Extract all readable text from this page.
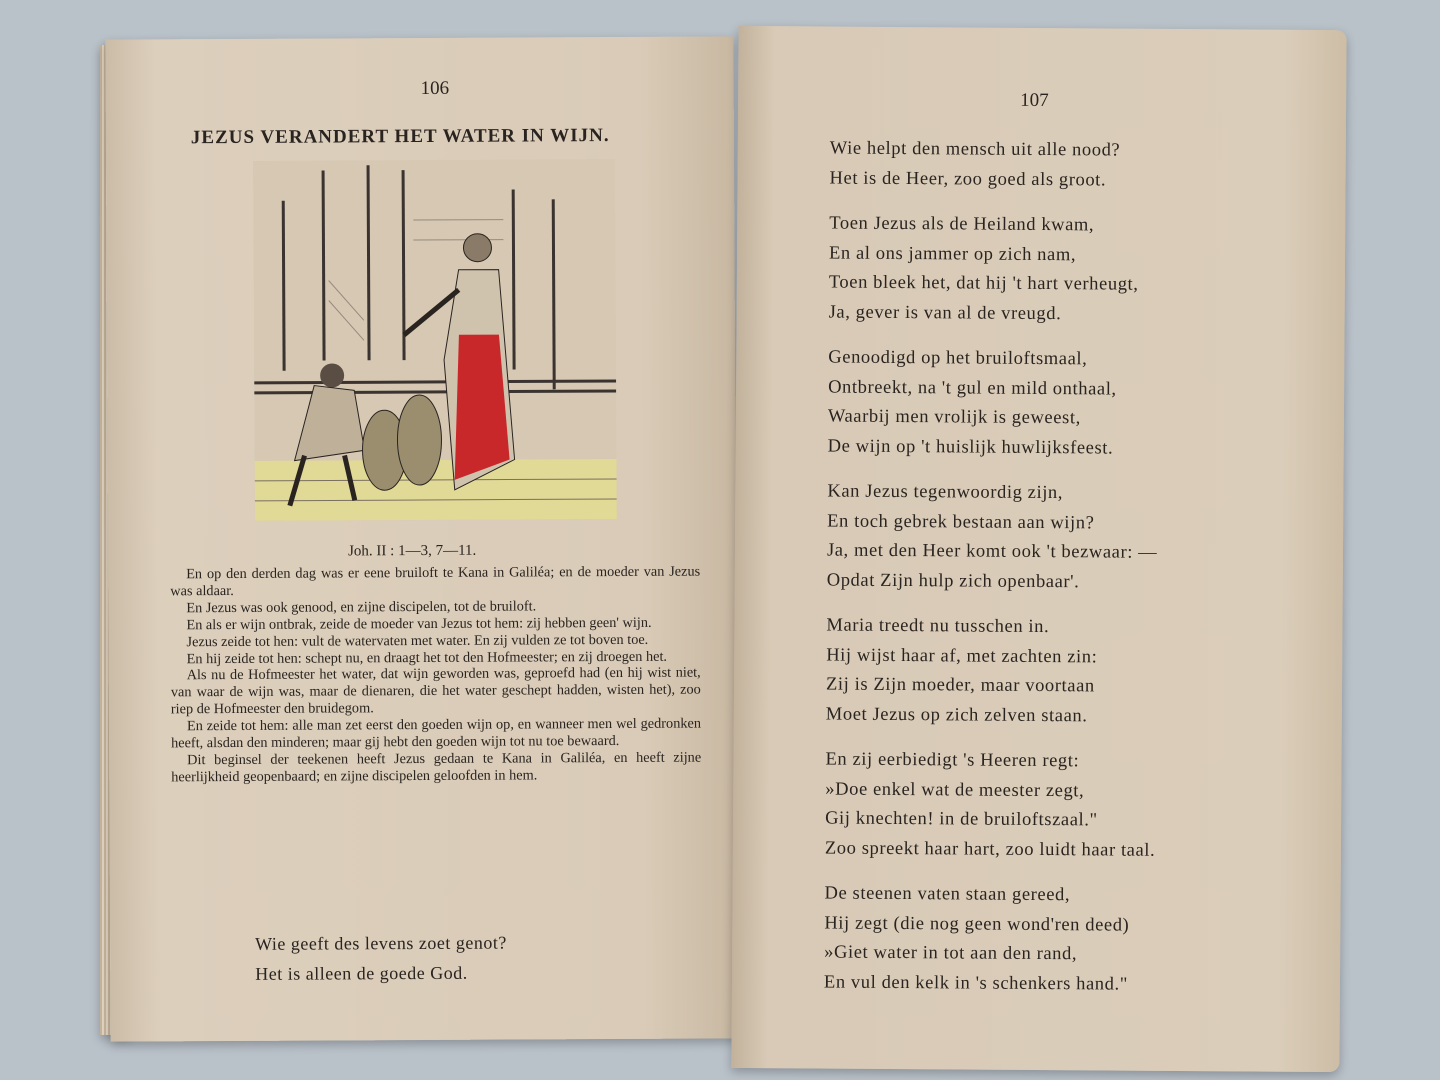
106
JEZUS VERANDERT HET WATER IN WIJN.
Joh. II : 1—3, 7—11.

En op den derden dag was er eene bruiloft te Kana in Galiléa; en de moeder van Jezus was aldaar.

En Jezus was ook genood, en zijne discipelen, tot de bruiloft.

En als er wijn ontbrak, zeide de moeder van Jezus tot hem: zij hebben geen' wijn.

Jezus zeide tot hen: vult de watervaten met water. En zij vulden ze tot boven toe.

En hij zeide tot hen: schept nu, en draagt het tot den Hofmeester; en zij droegen het.

Als nu de Hofmeester het water, dat wijn geworden was, geproefd had (en hij wist niet, van waar de wijn was, maar de dienaren, die het water geschept hadden, wisten het), zoo riep de Hofmeester den bruidegom.

En zeide tot hem: alle man zet eerst den goeden wijn op, en wanneer men wel gedronken heeft, alsdan den minderen; maar gij hebt den goeden wijn tot nu toe bewaard.

Dit beginsel der teekenen heeft Jezus gedaan te Kana in Galiléa, en heeft zijne heerlijkheid geopenbaard; en zijne discipelen geloofden in hem.

Wie geeft des levens zoet genot?
Het is alleen de goede God.
107
Wie helpt den mensch uit alle nood?
Het is de Heer, zoo goed als groot.
Toen Jezus als de Heiland kwam,
En al ons jammer op zich nam,
Toen bleek het, dat hij 't hart verheugt,
Ja, gever is van al de vreugd.
Genoodigd op het bruiloftsmaal,
Ontbreekt, na 't gul en mild onthaal,
Waarbij men vrolijk is geweest,
De wijn op 't huislijk huwlijksfeest.
Kan Jezus tegenwoordig zijn,
En toch gebrek bestaan aan wijn?
Ja, met den Heer komt ook 't bezwaar: —
Opdat Zijn hulp zich openbaar'.
Maria treedt nu tusschen in.
Hij wijst haar af, met zachten zin:
Zij is Zijn moeder, maar voortaan
Moet Jezus op zich zelven staan.
En zij eerbiedigt 's Heeren regt:
»Doe enkel wat de meester zegt,
Gij knechten! in de bruiloftszaal."
Zoo spreekt haar hart, zoo luidt haar taal.
De steenen vaten staan gereed,
Hij zegt (die nog geen wond'ren deed)
»Giet water in tot aan den rand,
En vul den kelk in 's schenkers hand."
